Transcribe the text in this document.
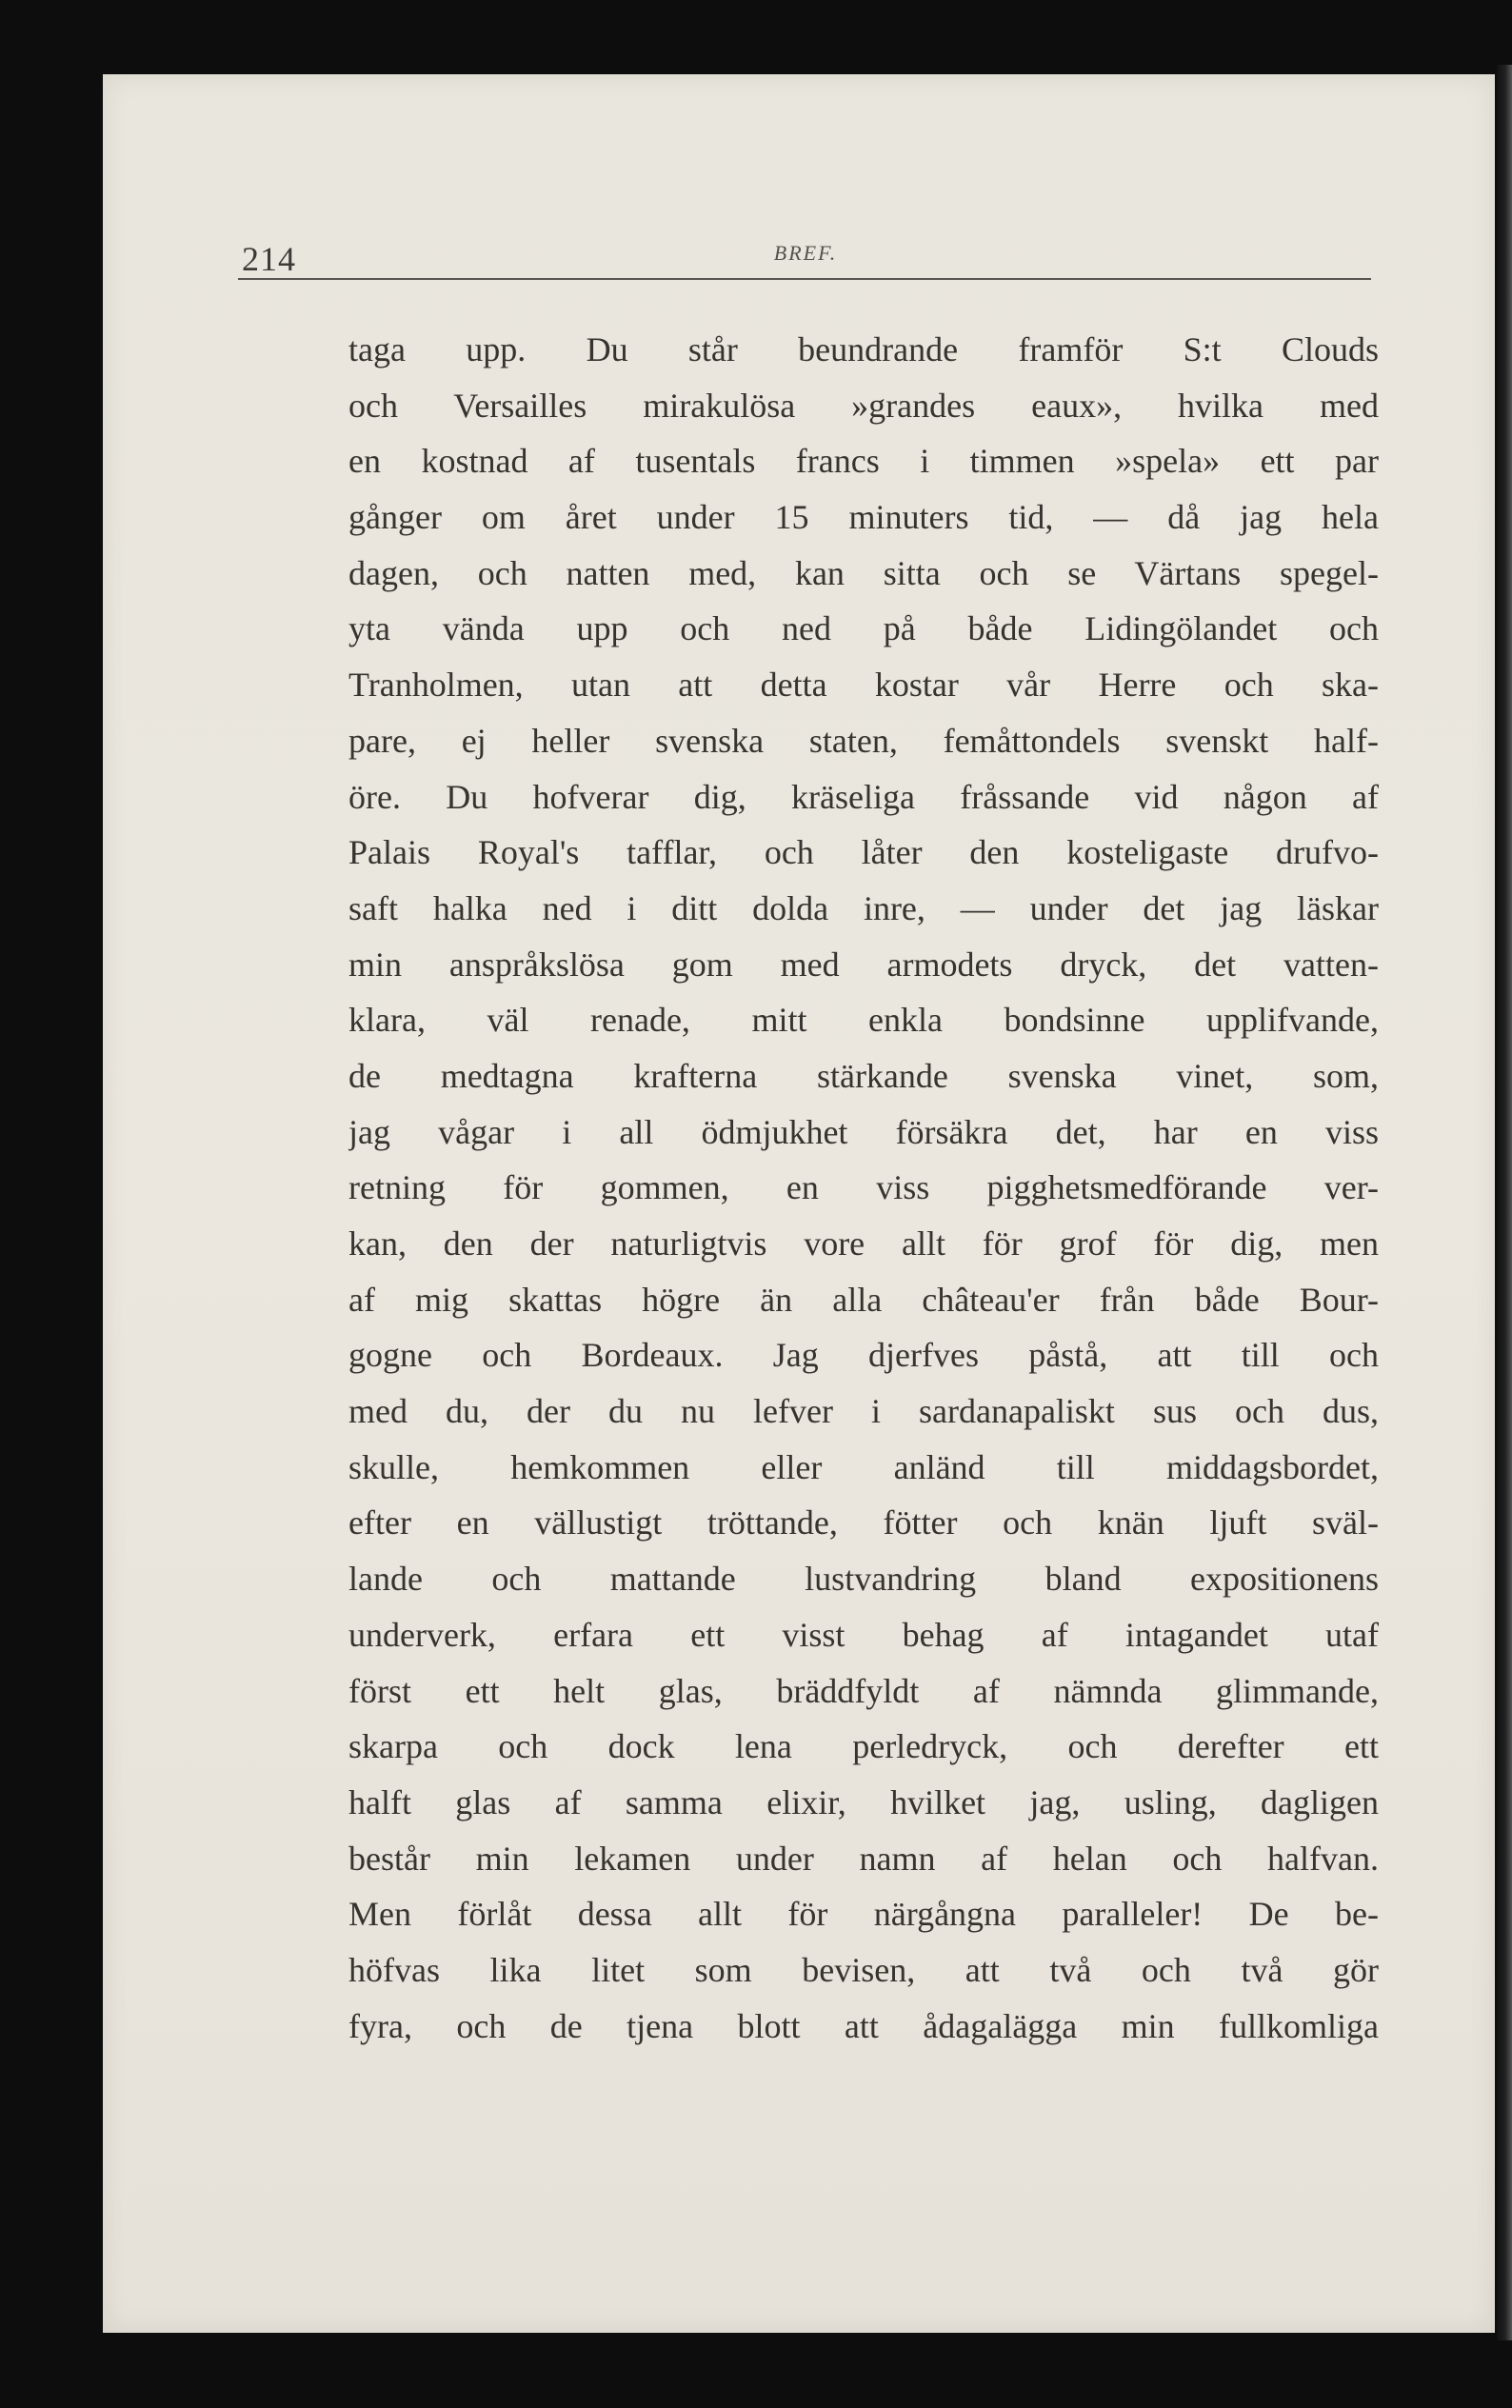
214	BREF.
taga upp. Du står beundrande framför S:t Clouds
och Versailles mirakulösa »grandes eaux», hvilka med
en kostnad af tusentals francs i timmen »spela» ett par
gånger om året under 15 minuters tid, — då jag hela
dagen, och natten med, kan sitta och se Värtans spegel-
yta vända upp och ned på både Lidingölandet och
Tranholmen, utan att detta kostar vår Herre och ska-
pare, ej heller svenska staten, femåttondels svenskt half-
öre. Du hofverar dig, kräseliga fråssande vid någon af
Palais Royal's tafflar, och låter den kosteligaste drufvo-
saft halka ned i ditt dolda inre, — under det jag läskar
min anspråkslösa gom med armodets dryck, det vatten-
klara, väl renade, mitt enkla bondsinne upplifvande,
de medtagna krafterna stärkande svenska vinet, som,
jag vågar i all ödmjukhet försäkra det, har en viss
retning för gommen, en viss pigghetsmedförande ver-
kan, den der naturligtvis vore allt för grof för dig, men
af mig skattas högre än alla château'er från både Bour-
gogne och Bordeaux. Jag djerfves påstå, att till och
med du, der du nu lefver i sardanapaliskt sus och dus,
skulle, hemkommen eller anländ till middagsbordet,
efter en vällustigt tröttande, fötter och knän ljuft sväl-
lande och mattande lustvandring bland expositionens
underverk, erfara ett visst behag af intagandet utaf
först ett helt glas, bräddfyldt af nämnda glimmande,
skarpa och dock lena perledryck, och derefter ett
halft glas af samma elixir, hvilket jag, usling, dagligen
består min lekamen under namn af helan och halfvan.
Men förlåt dessa allt för närgångna paralleler! De be-
höfvas lika litet som bevisen, att två och två gör
fyra, och de tjena blott att ådagalägga min fullkomliga
